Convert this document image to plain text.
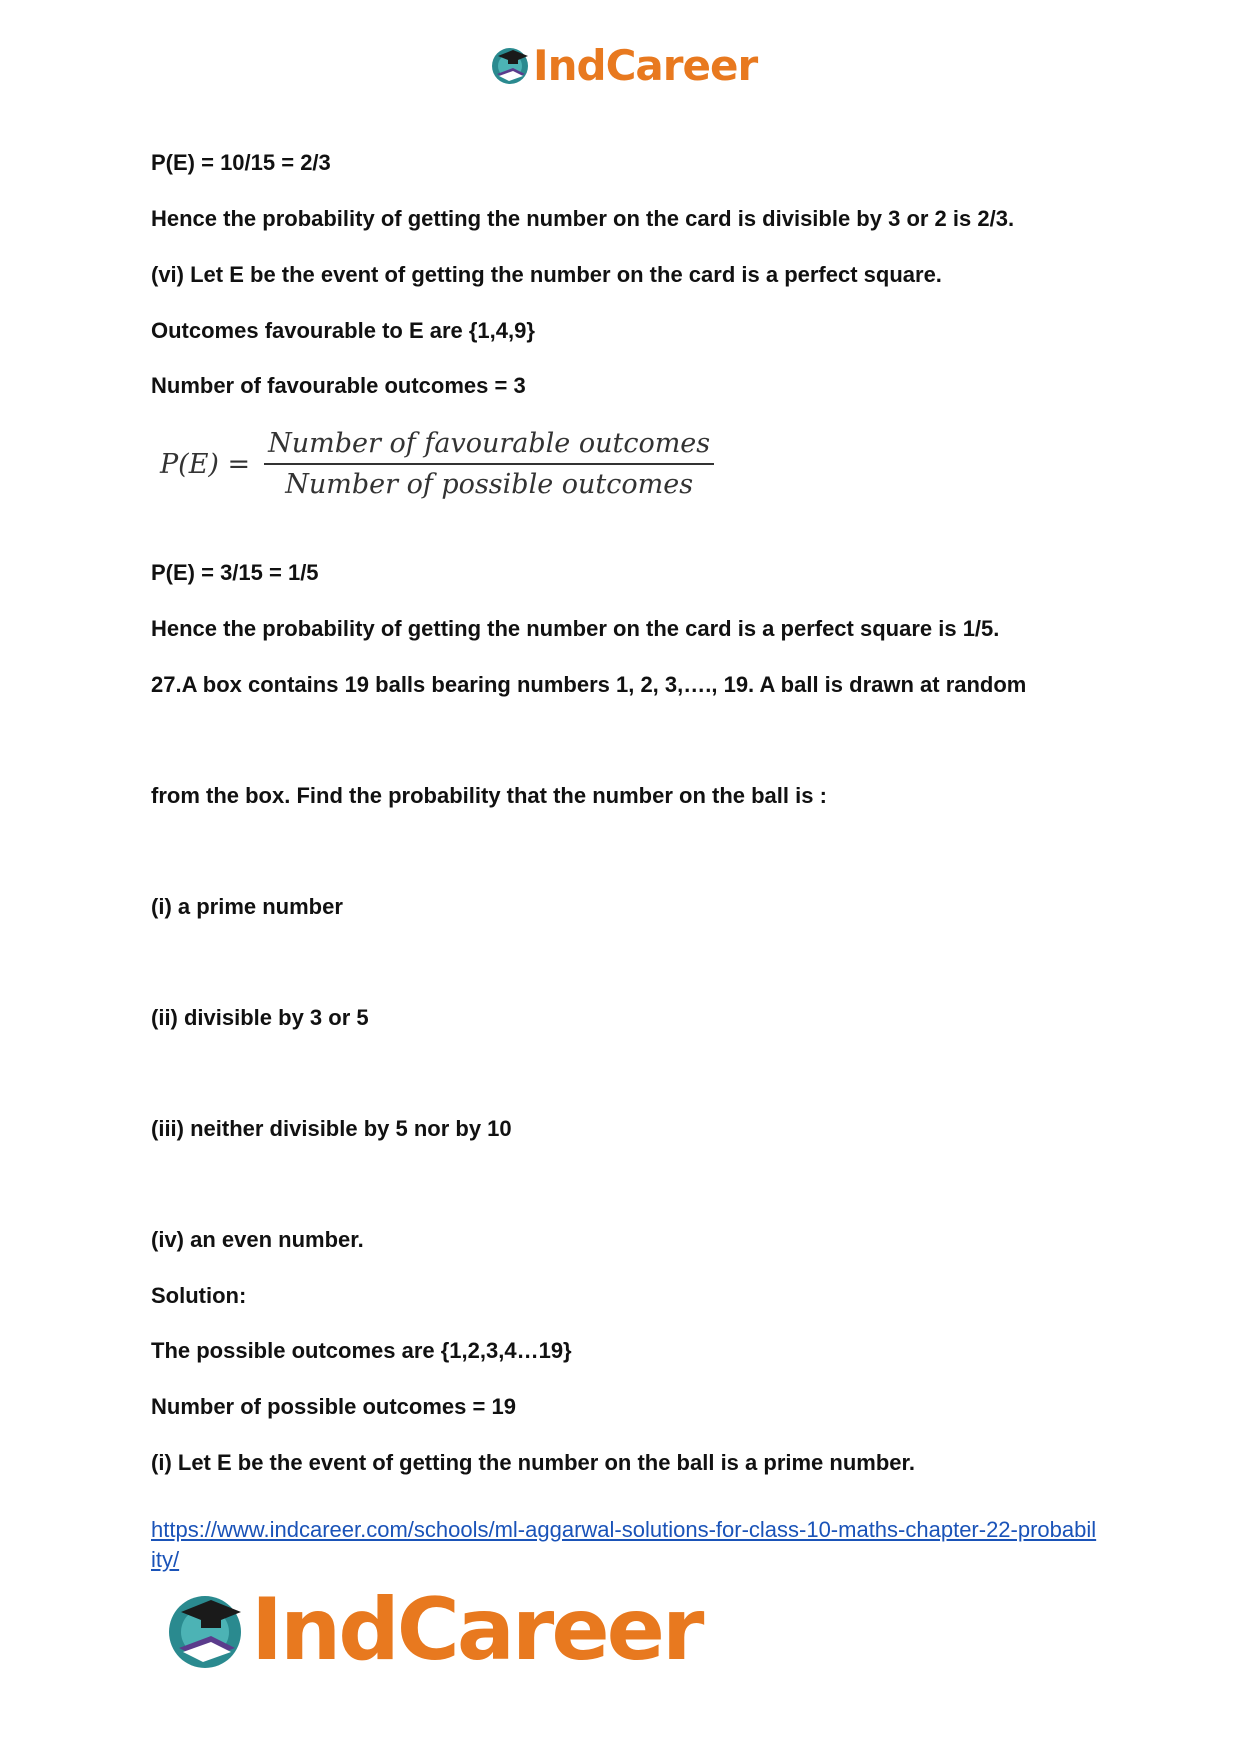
IndCareer
P(E) = 10/15 = 2/3
Hence the probability of getting the number on the card is divisible by 3 or 2 is 2/3.
(vi) Let E be the event of getting the number on the card is a perfect square.
Outcomes favourable to E are {1,4,9}
Number of favourable outcomes = 3
$P(E) = \frac{\text{Number of favourable outcomes}}{\text{Number of possible outcomes}}$
P(E) = 3/15 = 1/5
Hence the probability of getting the number on the card is a perfect square is 1/5.
27.A box contains 19 balls bearing numbers 1, 2, 3,…., 19. A ball is drawn at random
from the box. Find the probability that the number on the ball is :
(i) a prime number
(ii) divisible by 3 or 5
(iii) neither divisible by 5 nor by 10
(iv) an even number.
Solution:
The possible outcomes are {1,2,3,4…19}
Number of possible outcomes = 19
(i) Let E be the event of getting the number on the ball is a prime number.
https://www.indcareer.com/schools/ml-aggarwal-solutions-for-class-10-maths-chapter-22-probability/
IndCareer
